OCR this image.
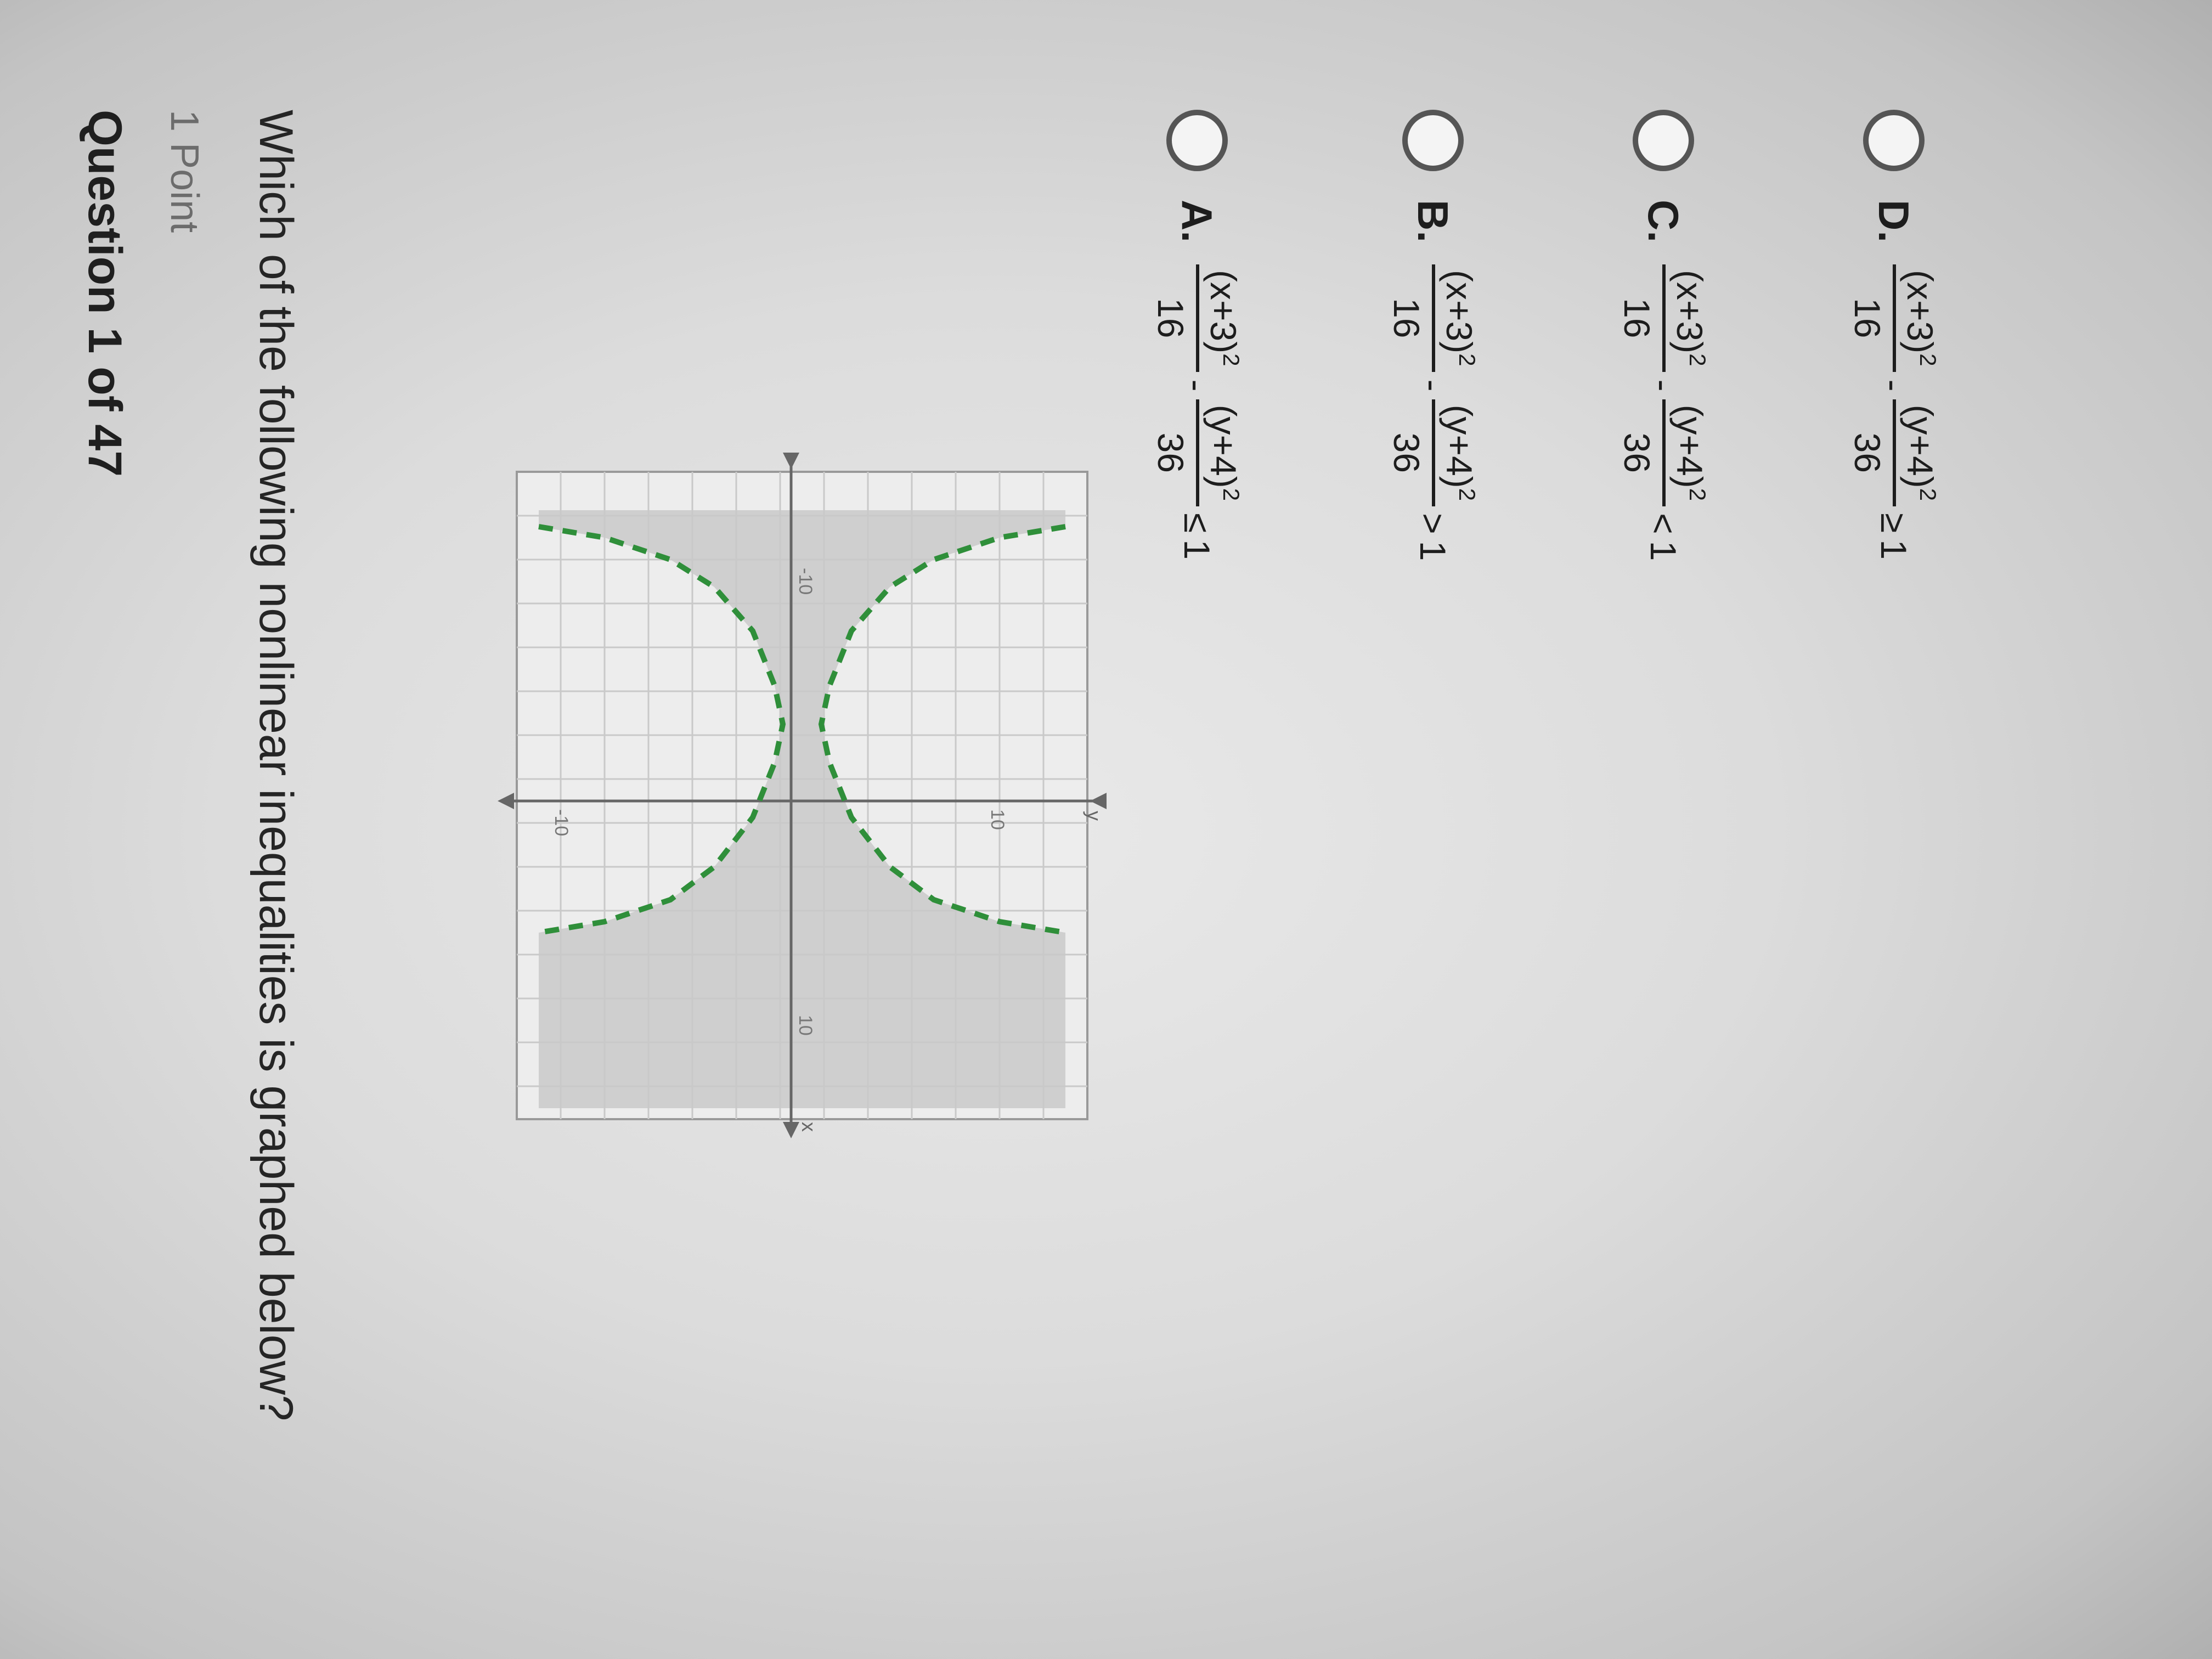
Question 1 of 47 1 Point Which of the following nonlinear inequalities is graphed below?	x
y
-10
10
10
-10
A.
$(x+3)^2$
16
-
$(y+4)^2$
36
≤
1
B.
$(x+3)^2$
16
-
$(y+4)^2$
36
>
1
C.
$(x+3)^2$
16
-
$(y+4)^2$
36
<
1
D.
$(x+3)^2$
16
-
$(y+4)^2$
36
≥
1
